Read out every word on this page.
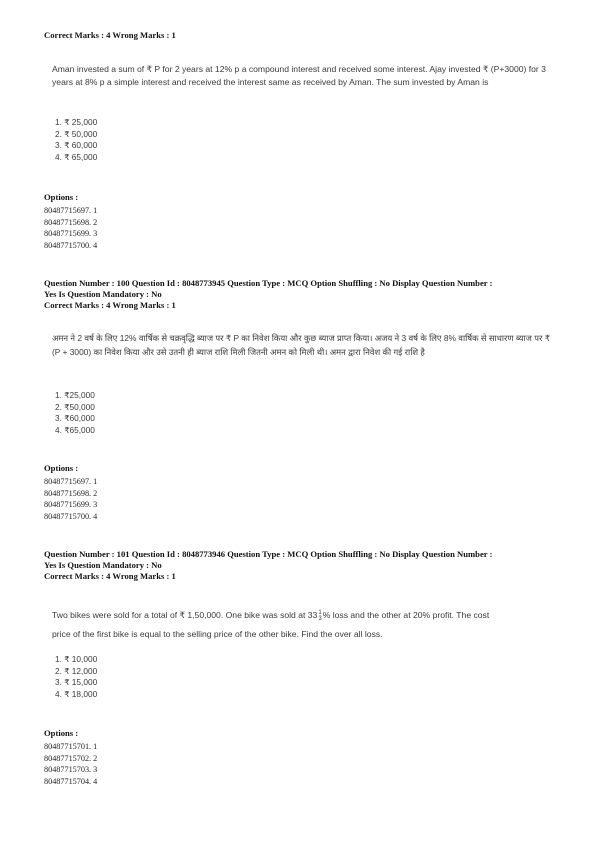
Correct Marks : 4 Wrong Marks : 1
Aman invested a sum of ₹ P for 2 years at 12% p a compound interest and received some interest. Ajay invested ₹ (P+3000) for 3 years at 8% p a simple interest and received the interest same as received by Aman. The sum invested by Aman is
1. ₹ 25,000
2. ₹ 50,000
3. ₹ 60,000
4. ₹ 65,000
Options :
80487715697. 1
80487715698. 2
80487715699. 3
80487715700. 4
Question Number : 100 Question Id : 8048773945 Question Type : MCQ Option Shuffling : No Display Question Number :
Yes Is Question Mandatory : No
Correct Marks : 4 Wrong Marks : 1
अमन ने 2 वर्ष के लिए 12% वार्षिक से चक्रवृद्धि ब्याज पर ₹ P का निवेश किया और कुछ ब्याज प्राप्त किया। अजय ने 3 वर्ष के लिए 8% वार्षिक से साधारण ब्याज पर ₹ (P + 3000) का निवेश किया और उसे उतनी ही ब्याज राशि मिली जितनी अमन को मिली थी। अमन द्वारा निवेश की गई राशि है
1. ₹25,000
2. ₹50,000
3. ₹60,000
4. ₹65,000
Options :
80487715697. 1
80487715698. 2
80487715699. 3
80487715700. 4
Question Number : 101 Question Id : 8048773946 Question Type : MCQ Option Shuffling : No Display Question Number :
Yes Is Question Mandatory : No
Correct Marks : 4 Wrong Marks : 1
Two bikes were sold for a total of ₹ 1,50,000. One bike was sold at 33 1
3 % loss and the other at 20% profit. The cost
price of the first bike is equal to the selling price of the other bike. Find the over all loss.
1. ₹ 10,000
2. ₹ 12,000
3. ₹ 15,000
4. ₹ 18,000
Options :
80487715701. 1
80487715702. 2
80487715703. 3
80487715704. 4
